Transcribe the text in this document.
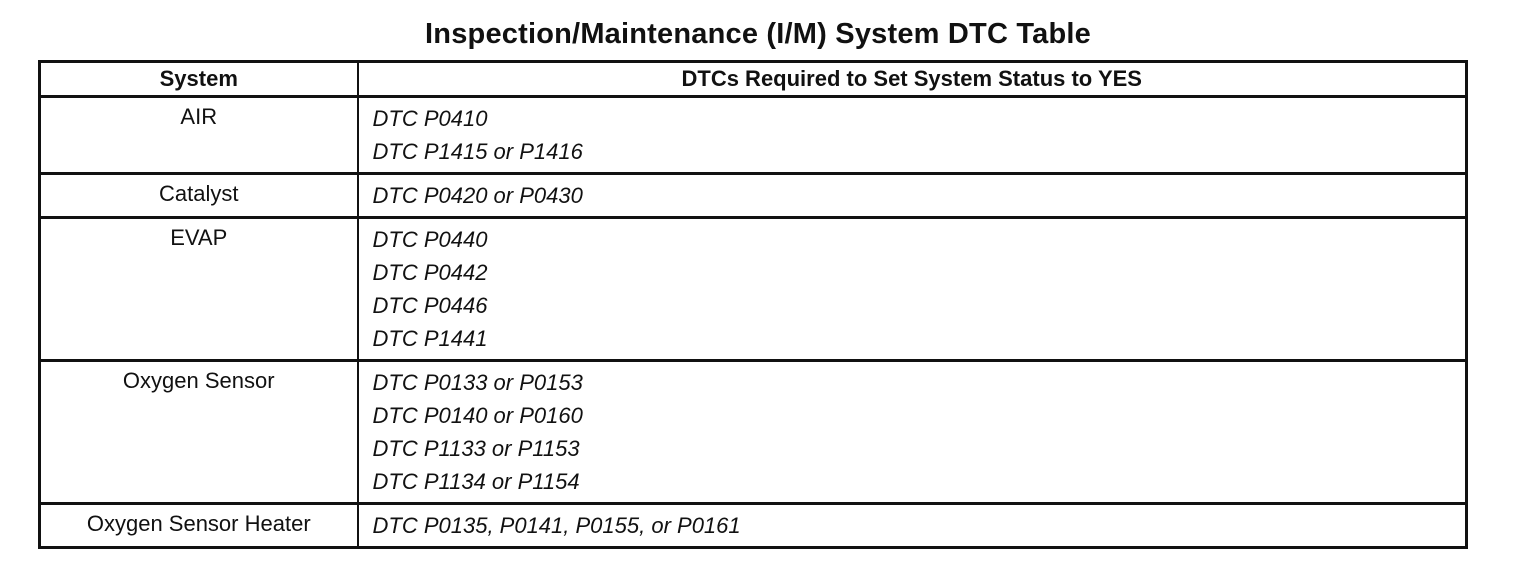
Inspection/Maintenance (I/M) System DTC Table
System	DTCs Required to Set System Status to YES
AIR	DTC P0410
DTC P1415 or P1416

Catalyst	DTC P0420 or P0430

EVAP	DTC P0440
DTC P0442
DTC P0446
DTC P1441

Oxygen Sensor	DTC P0133 or P0153
DTC P0140 or P0160
DTC P1133 or P1153
DTC P1134 or P1154

Oxygen Sensor Heater	DTC P0135, P0141, P0155, or P0161
